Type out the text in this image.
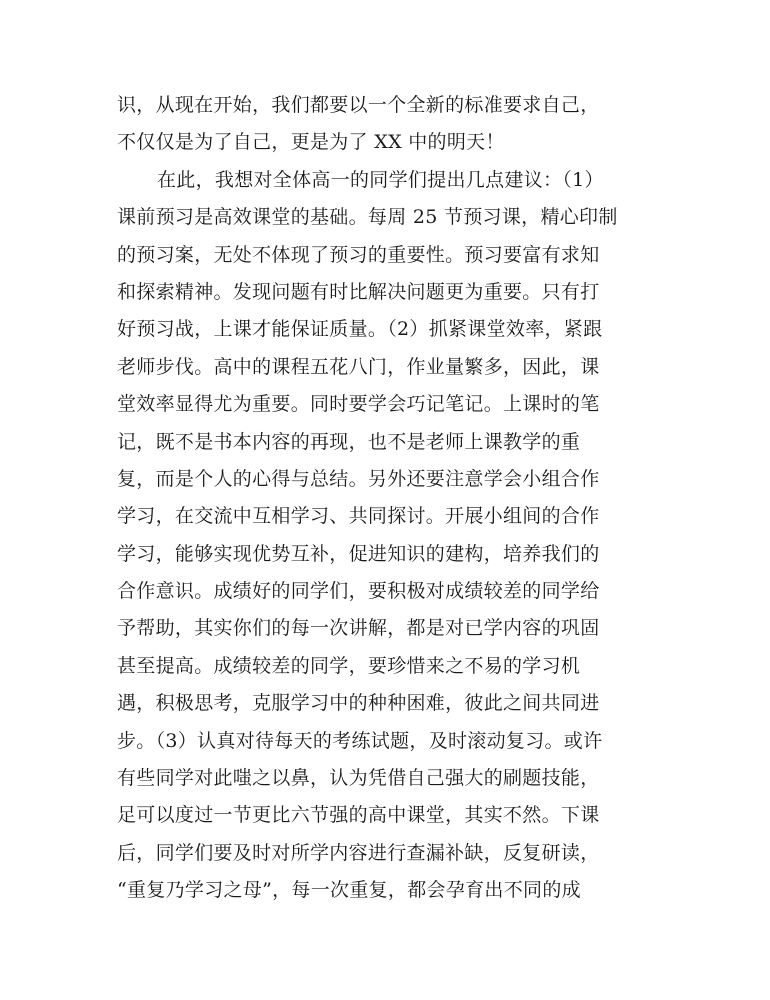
识，从现在开始，我们都要以一个全新的标准要求自己，
不仅仅是为了自己，更是为了 XX 中的明天！
在此，我想对全体高一的同学们提出几点建议：（1）
课前预习是高效课堂的基础。每周 25 节预习课，精心印制
的预习案，无处不体现了预习的重要性。预习要富有求知
和探索精神。发现问题有时比解决问题更为重要。只有打
好预习战，上课才能保证质量。（2）抓紧课堂效率，紧跟
老师步伐。高中的课程五花八门，作业量繁多，因此，课
堂效率显得尤为重要。同时要学会巧记笔记。上课时的笔
记，既不是书本内容的再现，也不是老师上课教学的重
复，而是个人的心得与总结。另外还要注意学会小组合作
学习，在交流中互相学习、共同探讨。开展小组间的合作
学习，能够实现优势互补，促进知识的建构，培养我们的
合作意识。成绩好的同学们，要积极对成绩较差的同学给
予帮助，其实你们的每一次讲解，都是对已学内容的巩固
甚至提高。成绩较差的同学，要珍惜来之不易的学习机
遇，积极思考，克服学习中的种种困难，彼此之间共同进
步。（3）认真对待每天的考练试题，及时滚动复习。或许
有些同学对此嗤之以鼻，认为凭借自己强大的刷题技能，
足可以度过一节更比六节强的高中课堂，其实不然。下课
后，同学们要及时对所学内容进行查漏补缺，反复研读，
“重复乃学习之母”，每一次重复，都会孕育出不同的成
